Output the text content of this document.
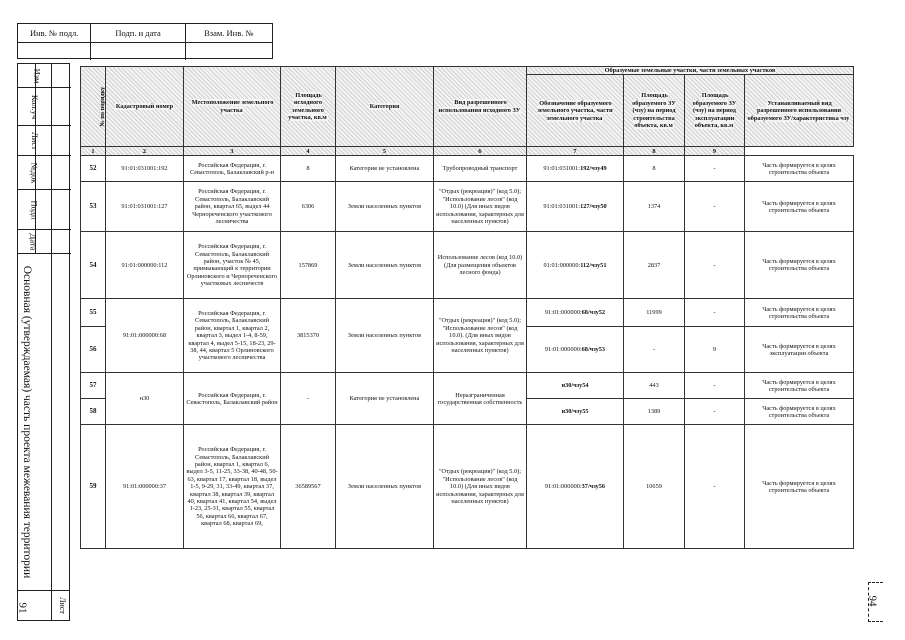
Инв. № подл.	Подп. и дата	Взам. Инв. №
Изм
Кол.уч
Лист
№док
Подп
Дата
Основная (утверждаемая) часть проекта межевания территории
91	Лист
№ по порядку	Кадастровый номер	Местоположение земельного участка	Площадь исходного земельного участка, кв.м	Категория	Вид разрешенного использования исходного ЗУ	Образуемые земельные участки, части земельных участков			
						Обозначение образуемого земельного участка, части земельного участка	Площадь образуемого ЗУ (чзу) на период строительства объекта, кв.м	Площадь образуемого ЗУ (чзу) на период эксплуатации объекта, кв.м	Устанавливаемый вид разрешенного использования образуемого ЗУ/характеристика чзу
1	2	3	4	5	6	7	8	9	
52	91:01:031001:192	Российская Федерация, г. Севастополь, Балаклавский р-н	8	Категория не установлена	Трубопроводный транспорт	91:01:031001:192/чзу49	8	-	Часть формируется в целях строительства объекта
53	91:01:031001:127	Российская Федерация, г. Севастополь, Балаклавский район, квартал 65, выдел 44 Чернореченского участкового лесничества	6306	Земли населенных пунктов	"Отдых (рекреация)" (код 5.0); "Использование лесов" (код 10.0) (Для иных видов использования, характерных для населенных пунктов)	91:01:031001:127/чзу50	1374	-	Часть формируется в целях строительства объекта
54	91:01:000000:112	Российская Федерация, г. Севастополь, Балаклавский район, участок № 45, примыкающий к территории Орлиновского и Чернореченского участковых лесничеств	157869	Земли населенных пунктов	Использование лесов (код 10.0) (Для размещения объектов лесного фонда)	91:01:000000:112/чзу51	2837	-	Часть формируется в целях строительства объекта
55	91:01:000000:68	Российская Федерация, г. Севастополь, Балаклавский район, квартал 1, квартал 2, квартал 3, выдел 1-4, 8-59, квартал 4, выдел 5-15, 18-23, 29-38, 44, квартал 5 Орлиновского участкового лесничества	3815370	Земли населенных пунктов	"Отдых (рекреация)" (код 5.0); "Использование лесов" (код 10.0). (Для иных видов использования, характерных для населенных пунктов)	91:01:000000:68/чзу52	11999	-	Часть формируется в целях строительства объекта
56						91:01:000000:68/чзу53	-	9	Часть формируется в целях эксплуатации объекта
57	н30	Российская Федерация, г. Севастополь, Балаклавский район	-	Категория не установлена	Неразграниченная государственная собственность	н30/чзу54	443	-	Часть формируется в целях строительства объекта
58						н30/чзу55	1389	-	Часть формируется в целях строительства объекта
59	91:01:000000:37	Российская Федерация, г. Севастополь, Балаклавский район, квартал 1, квартал 6, выдел 3-5, 11-25, 33-38, 40-48, 50-63, квартал 17, квартал 18, выдел 1-5, 9-29, 31, 33-49, квартал 37, квартал 38, квартал 39, квартал 40, квартал 41, квартал 54, выдел 1-23, 25-31, квартал 55, квартал 56, квартал 66, квартал 67, квартал 68, квартал 69,	36589567	Земли населенных пунктов	"Отдых (рекреация)" (код 5.0); "Использование лесов" (код 10.0) (Для иных видов использования, характерных для населенных пунктов)	91:01:000000:37/чзу56	10659	-	Часть формируется в целях строительства объекта
94
